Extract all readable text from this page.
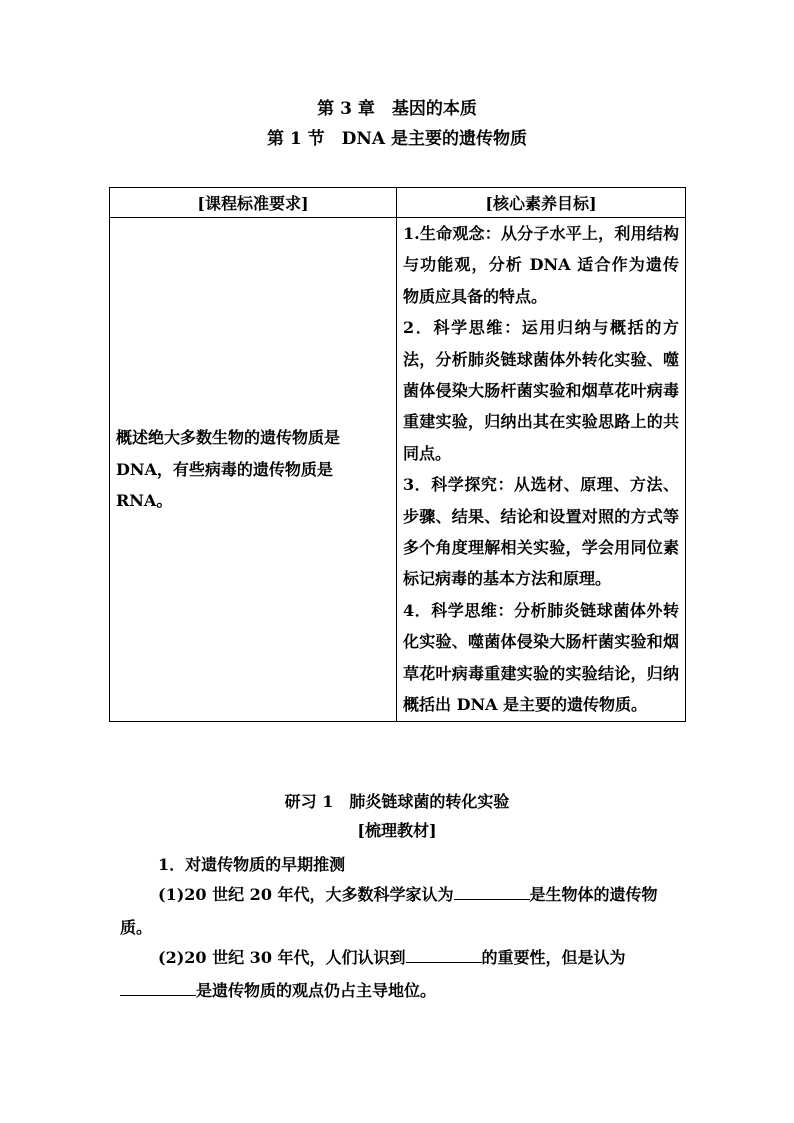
第 3 章　基因的本质
第 1 节　DNA 是主要的遗传物质
[课程标准要求]	[核心素养目标]

概述绝大多数生物的遗传物质是 DNA，有些病毒的遗传物质是 RNA。	1.生命观念：从分子水平上，利用结构与功能观，分析 DNA 适合作为遗传物质应具备的特点。

2．科学思维：运用归纳与概括的方法，分析肺炎链球菌体外转化实验、噬菌体侵染大肠杆菌实验和烟草花叶病毒重建实验，归纳出其在实验思路上的共同点。

3．科学探究：从选材、原理、方法、步骤、结果、结论和设置对照的方式等多个角度理解相关实验，学会用同位素标记病毒的基本方法和原理。

4．科学思维：分析肺炎链球菌体外转化实验、噬菌体侵染大肠杆菌实验和烟草花叶病毒重建实验的实验结论，归纳概括出 DNA 是主要的遗传物质。

研习 1　肺炎链球菌的转化实验
[梳理教材]
1．对遗传物质的早期推测
(1)20 世纪 20 年代，大多数科学家认为	是生物体的遗传物质。
(2)20 世纪 30 年代，人们认识到	的重要性，但是认为是遗传物质的观点仍占主导地位。
